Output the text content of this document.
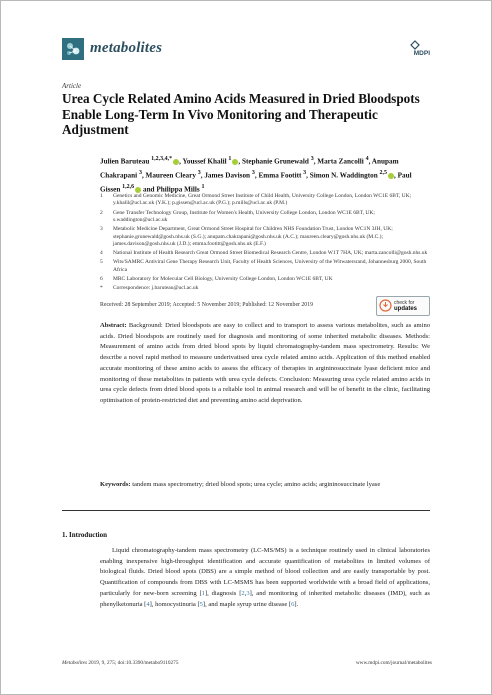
metabolites	MDPI
Article
Urea Cycle Related Amino Acids Measured in Dried Bloodspots Enable Long-Term In Vivo Monitoring and Therapeutic Adjustment
Julien Baruteau $^{1,2,3,4,*}$ , Youssef Khalil $^1$ , Stephanie Grunewald $^3$, Marta Zancolli $^4$, Anupam Chakrapani $^3$, Maureen Cleary $^3$, James Davison $^3$, Emma Footitt $^3$, Simon N. Waddington $^{2,5}$ , Paul Gissen $^{1,2,6}$ and Philippa Mills $^1$
1 Genetics and Genomic Medicine, Great Ormond Street Institute of Child Health, University College London, London WC1E 6BT, UK; y.khalil@ucl.ac.uk (Y.K.); p.gissen@ucl.ac.uk (P.G.); p.mills@ucl.ac.uk (P.M.)
2 Gene Transfer Technology Group, Institute for Women's Health, University College London, London WC1E 6BT, UK; s.waddington@ucl.ac.uk
3 Metabolic Medicine Department, Great Ormond Street Hospital for Children NHS Foundation Trust, London WC1N 3JH, UK; stephanie.grunewald@gosh.nhs.uk (S.G.); anupam.chakrapani@gosh.nhs.uk (A.C.); maureen.cleary@gosh.nhs.uk (M.C.); james.davison@gosh.nhs.uk (J.D.); emma.footitt@gosh.nhs.uk (E.F.)
4 National Institute of Health Research Great Ormond Street Biomedical Research Centre, London W1T 7HA, UK; marta.zancolli@gosh.nhs.uk
5 Wits/SAMRC Antiviral Gene Therapy Research Unit, Faculty of Health Sciences, University of the Witwatersrand, Johannesburg 2000, South Africa
6 MRC Laboratory for Molecular Cell Biology, University College London, London WC1E 6BT, UK
* Correspondence: j.baruteau@ucl.ac.uk
Received: 28 September 2019; Accepted: 5 November 2019; Published: 12 November 2019	check for
updates

Abstract: Background: Dried bloodspots are easy to collect and to transport to assess various metabolites, such as amino acids. Dried bloodspots are routinely used for diagnosis and monitoring of some inherited metabolic diseases. Methods: Measurement of amino acids from dried blood spots by liquid chromatography-tandem mass spectrometry. Results: We describe a novel rapid method to measure underivatised urea cycle related amino acids. Application of this method enabled accurate monitoring of these amino acids to assess the efficacy of therapies in argininosuccinate lyase deficient mice and monitoring of these metabolites in patients with urea cycle defects. Conclusion: Measuring urea cycle related amino acids in urea cycle defects from dried blood spots is a reliable tool in animal research and will be of benefit in the clinic, facilitating optimisation of protein-restricted diet and preventing amino acid deprivation.

Keywords: tandem mass spectrometry; dried blood spots; urea cycle; amino acids; argininosuccinate lyase

1. Introduction

Liquid chromatography-tandem mass spectrometry (LC-MS/MS) is a technique routinely used in clinical laboratories enabling inexpensive high-throughput identification and accurate quantification of metabolites in limited volumes of biological fluids. Dried blood spots (DBS) are a simple method of blood collection and are easily transportable by post. Quantification of compounds from DBS with LC-MSMS has been supported worldwide with a broad field of applications, particularly for new-born screening [1], diagnosis [2,3], and monitoring of inherited metabolic diseases (IMD), such as phenylketonuria [4], homocystinuria [5], and maple syrup urine disease [6].

Metabolites 2019, 9, 275; doi:10.3390/metabo9110275	www.mdpi.com/journal/metabolites
